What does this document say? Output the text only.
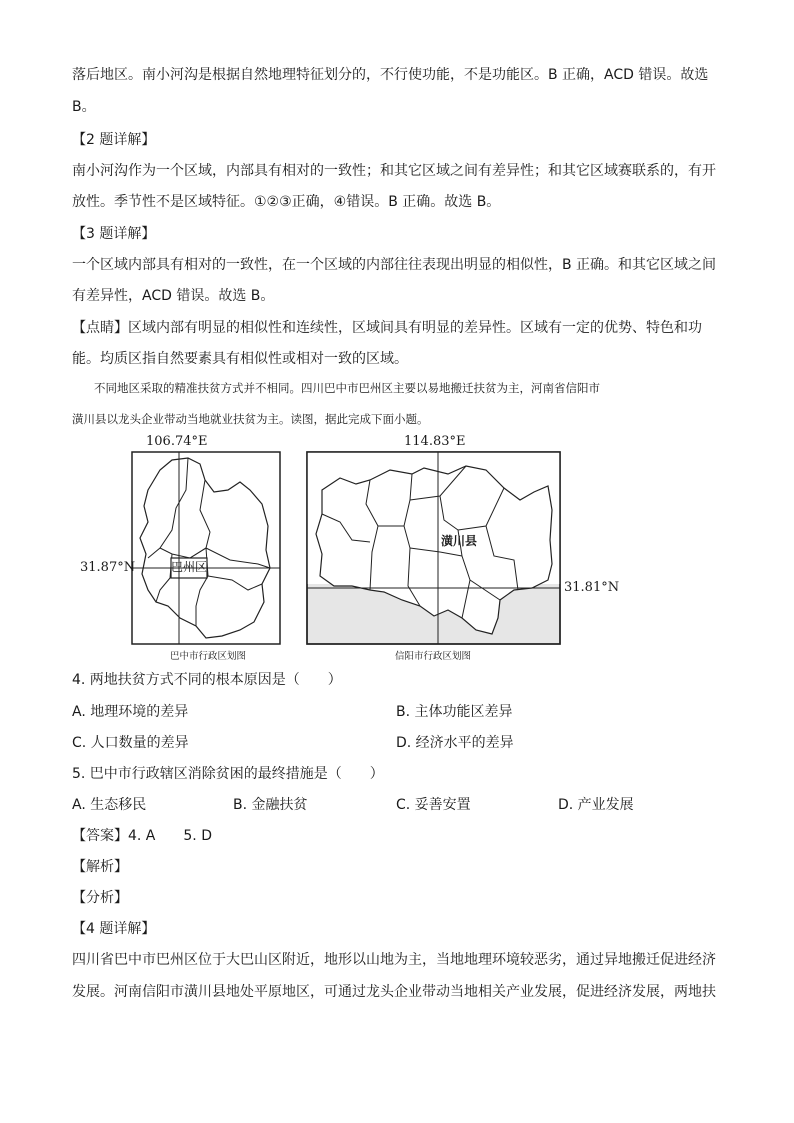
落后地区。南小河沟是根据自然地理特征划分的，不行使功能，不是功能区。B 正确，ACD 错误。故选
B。
【2 题详解】
南小河沟作为一个区域，内部具有相对的一致性；和其它区域之间有差异性；和其它区域赛联系的，有开
放性。季节性不是区域特征。①②③正确，④错误。B 正确。故选 B。
【3 题详解】
一个区域内部具有相对的一致性，在一个区域的内部往往表现出明显的相似性，B 正确。和其它区域之间
有差异性，ACD 错误。故选 B。
【点睛】区域内部有明显的相似性和连续性，区域间具有明显的差异性。区域有一定的优势、特色和功
能。均质区指自然要素具有相似性或相对一致的区域。
不同地区采取的精准扶贫方式并不相同。四川巴中市巴州区主要以易地搬迁扶贫为主，河南省信阳市
潢川县以龙头企业带动当地就业扶贫为主。读图，据此完成下面小题。
106.74°E
31.87°N	巴州区
巴中市行政区划图
114.83°E
31.81°N
潢川县
信阳市行政区划图
4. 两地扶贫方式不同的根本原因是（　　）
A. 地理环境的差异	B. 主体功能区差异
C. 人口数量的差异	D. 经济水平的差异
5. 巴中市行政辖区消除贫困的最终措施是（　　）
A. 生态移民	B. 金融扶贫	C. 妥善安置	D. 产业发展
【答案】4. A　　5. D
【解析】
【分析】
【4 题详解】
四川省巴中市巴州区位于大巴山区附近，地形以山地为主，当地地理环境较恶劣，通过异地搬迁促进经济
发展。河南信阳市潢川县地处平原地区，可通过龙头企业带动当地相关产业发展，促进经济发展，两地扶
